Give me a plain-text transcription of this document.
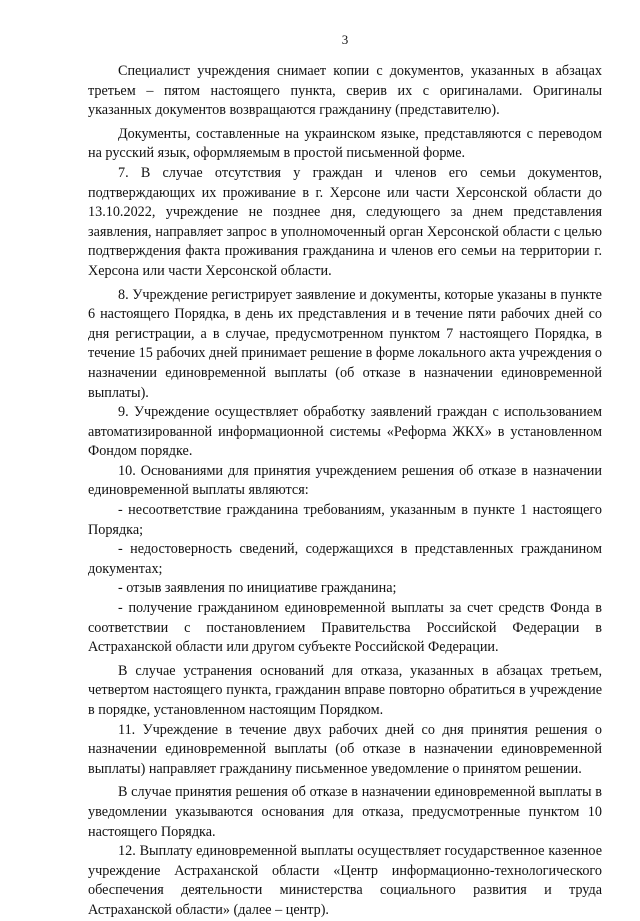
3

Специалист учреждения снимает копии с документов, указанных в абзацах третьем – пятом настоящего пункта, сверив их с оригиналами. Оригиналы указанных документов возвращаются гражданину (представителю).

Документы, составленные на украинском языке, представляются с переводом на русский язык, оформляемым в простой письменной форме.

7. В случае отсутствия у граждан и членов его семьи документов, подтверждающих их проживание в г. Херсоне или части Херсонской области до 13.10.2022, учреждение не позднее дня, следующего за днем представления заявления, направляет запрос в уполномоченный орган Херсонской области с целью подтверждения факта проживания гражданина и членов его семьи на территории г. Херсона или части Херсонской области.

8. Учреждение регистрирует заявление и документы, которые указаны в пункте 6 настоящего Порядка, в день их представления и в течение пяти рабочих дней со дня регистрации, а в случае, предусмотренном пунктом 7 настоящего Порядка, в течение 15 рабочих дней принимает решение в форме локального акта учреждения о назначении единовременной выплаты (об отказе в назначении единовременной выплаты).

9. Учреждение осуществляет обработку заявлений граждан с использованием автоматизированной информационной системы «Реформа ЖКХ» в установленном Фондом порядке.

10. Основаниями для принятия учреждением решения об отказе в назначении единовременной выплаты являются:

- несоответствие гражданина требованиям, указанным в пункте 1 настоящего Порядка;

- недостоверность сведений, содержащихся в представленных гражданином документах;

- отзыв заявления по инициативе гражданина;

- получение гражданином единовременной выплаты за счет средств Фонда в соответствии с постановлением Правительства Российской Федерации в Астраханской области или другом субъекте Российской Федерации.

В случае устранения оснований для отказа, указанных в абзацах третьем, четвертом настоящего пункта, гражданин вправе повторно обратиться в учреждение в порядке, установленном настоящим Порядком.

11. Учреждение в течение двух рабочих дней со дня принятия решения о назначении единовременной выплаты (об отказе в назначении единовременной выплаты) направляет гражданину письменное уведомление о принятом решении.

В случае принятия решения об отказе в назначении единовременной выплаты в уведомлении указываются основания для отказа, предусмотренные пунктом 10 настоящего Порядка.

12. Выплату единовременной выплаты осуществляет государственное казенное учреждение Астраханской области «Центр информационно-технологического обеспечения деятельности министерства социального развития и труда Астраханской области» (далее – центр).
